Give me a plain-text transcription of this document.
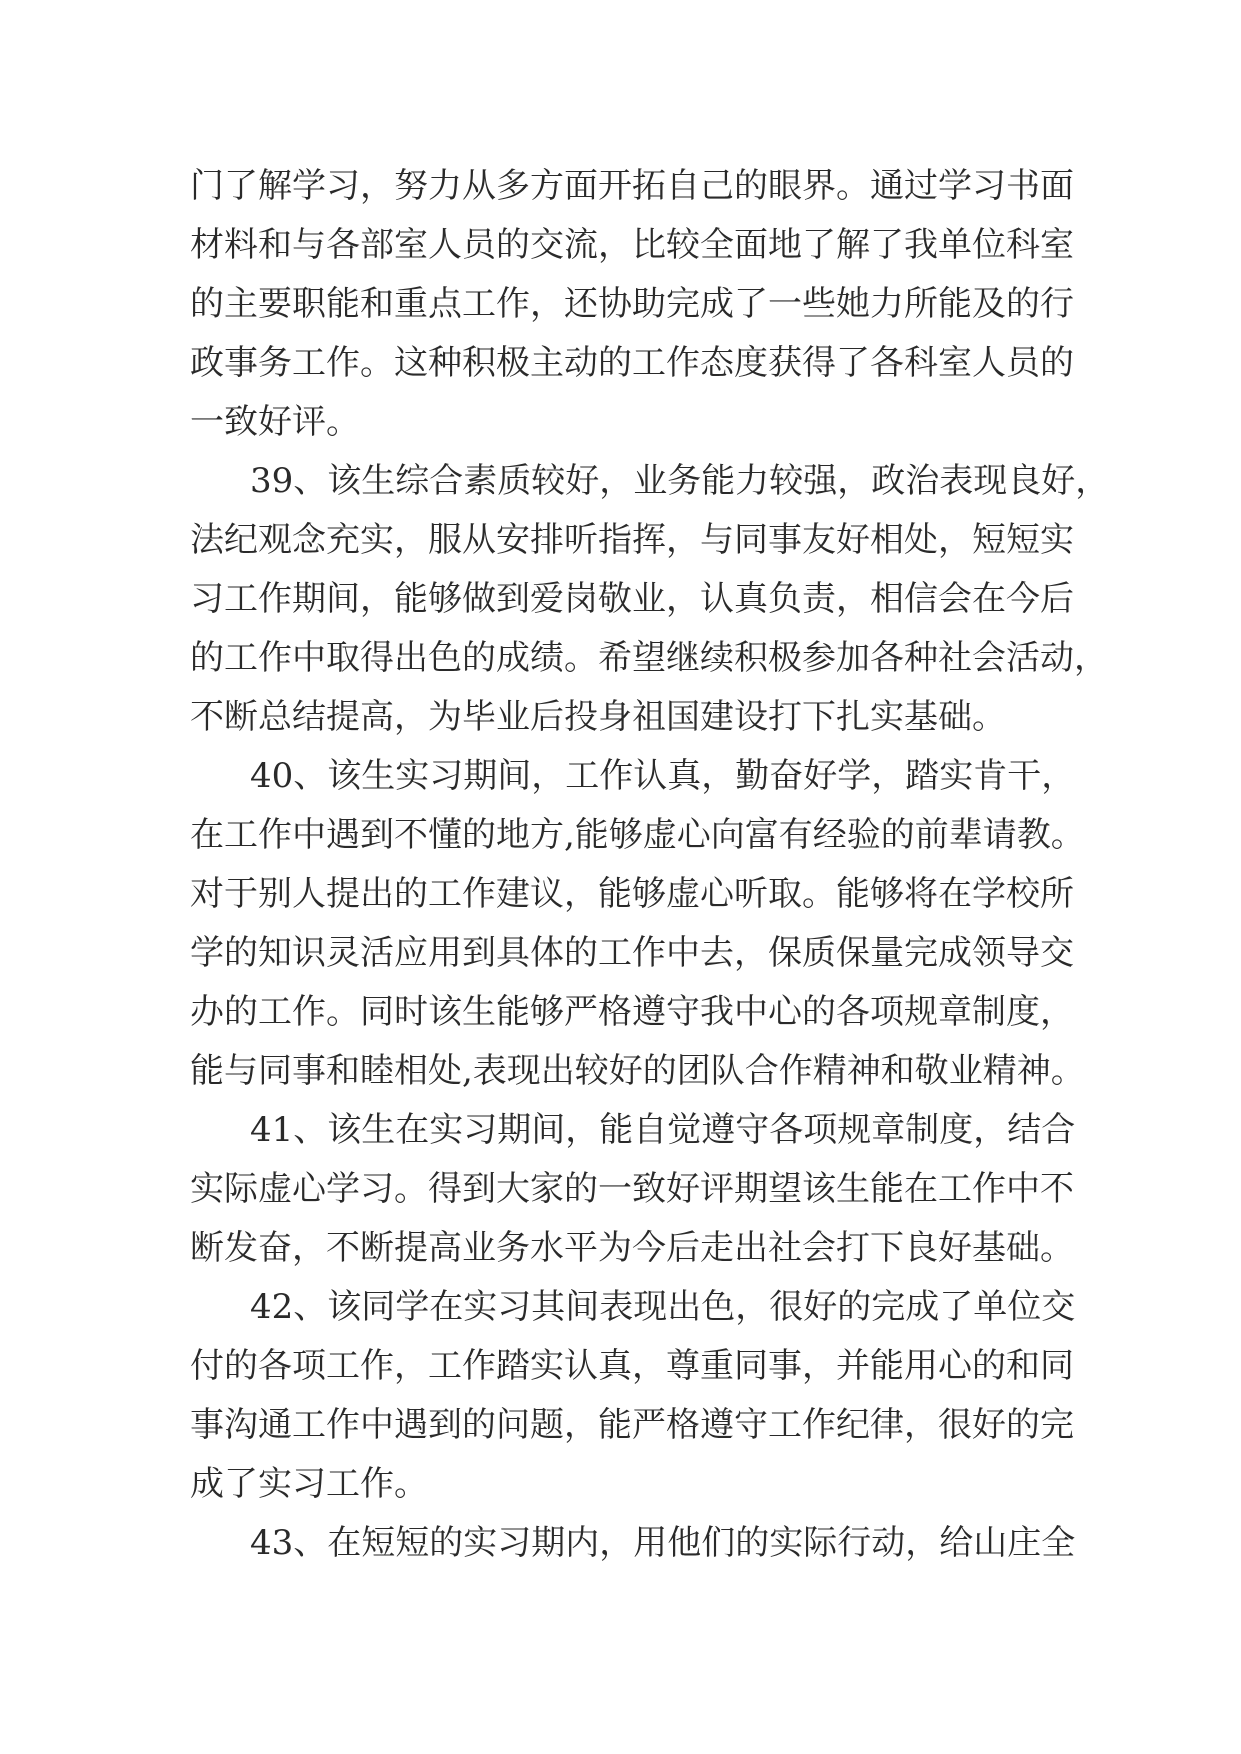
门了解学习，努力从多方面开拓自己的眼界。通过学习书面
材料和与各部室人员的交流，比较全面地了解了我单位科室
的主要职能和重点工作，还协助完成了一些她力所能及的行
政事务工作。这种积极主动的工作态度获得了各科室人员的
一致好评。
39、该生综合素质较好，业务能力较强，政治表现良好，
法纪观念充实，服从安排听指挥，与同事友好相处，短短实
习工作期间，能够做到爱岗敬业，认真负责，相信会在今后
的工作中取得出色的成绩。希望继续积极参加各种社会活动，
不断总结提高，为毕业后投身祖国建设打下扎实基础。
40、该生实习期间，工作认真，勤奋好学，踏实肯干，
在工作中遇到不懂的地方,能够虚心向富有经验的前辈请教。
对于别人提出的工作建议，能够虚心听取。能够将在学校所
学的知识灵活应用到具体的工作中去，保质保量完成领导交
办的工作。同时该生能够严格遵守我中心的各项规章制度，
能与同事和睦相处,表现出较好的团队合作精神和敬业精神。
41、该生在实习期间，能自觉遵守各项规章制度，结合
实际虚心学习。得到大家的一致好评期望该生能在工作中不
断发奋，不断提高业务水平为今后走出社会打下良好基础。
42、该同学在实习其间表现出色，很好的完成了单位交
付的各项工作，工作踏实认真，尊重同事，并能用心的和同
事沟通工作中遇到的问题，能严格遵守工作纪律，很好的完
成了实习工作。
43、在短短的实习期内，用他们的实际行动，给山庄全
